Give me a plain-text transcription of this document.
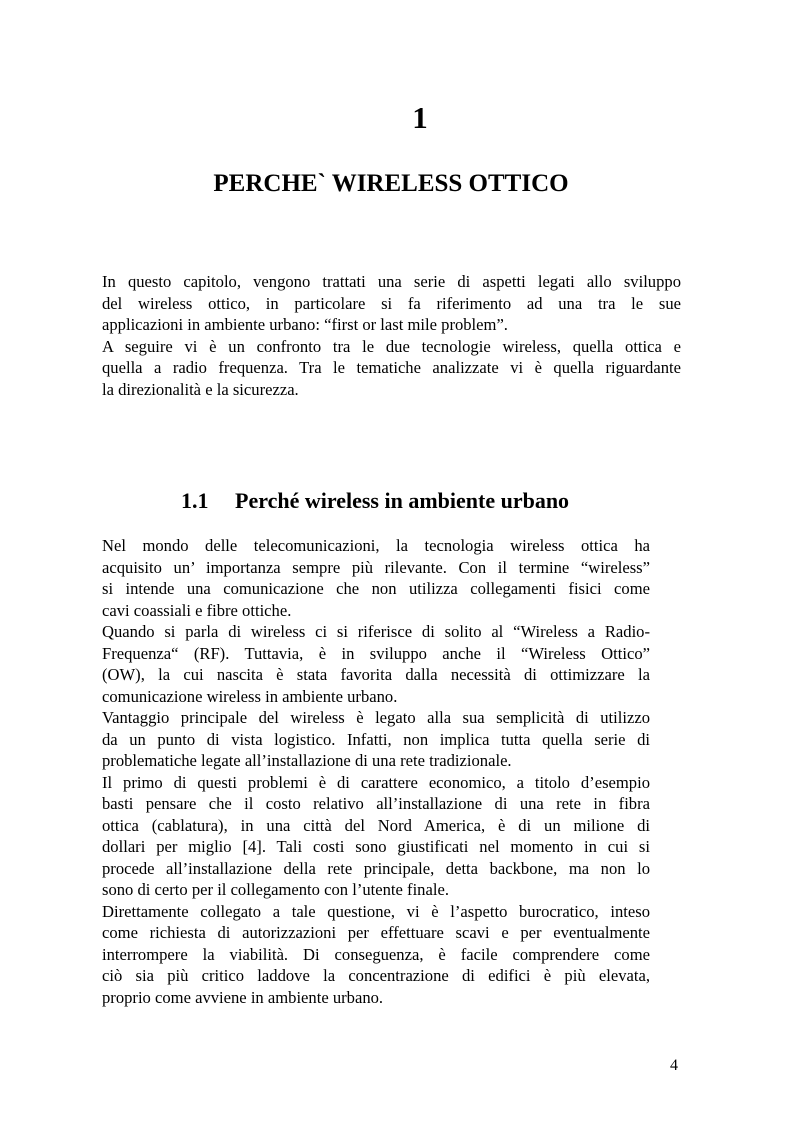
1
PERCHE` WIRELESS OTTICO
In questo capitolo, vengono trattati una serie di aspetti legati allo sviluppo
del wireless ottico, in particolare si fa riferimento ad una tra le sue
applicazioni in ambiente urbano: “first or last mile problem”.
A seguire vi è un confronto tra le due tecnologie wireless, quella ottica e
quella a radio frequenza. Tra le tematiche analizzate vi è quella riguardante
la direzionalità e la sicurezza.
1.1 Perché wireless in ambiente urbano
Nel mondo delle telecomunicazioni, la tecnologia wireless ottica ha
acquisito un’ importanza sempre più rilevante. Con il termine “wireless”
si intende una comunicazione che non utilizza collegamenti fisici come
cavi coassiali e fibre ottiche.
Quando si parla di wireless ci si riferisce di solito al “Wireless a Radio-
Frequenza“ (RF). Tuttavia, è in sviluppo anche il “Wireless Ottico”
(OW), la cui nascita è stata favorita dalla necessità di ottimizzare la
comunicazione wireless in ambiente urbano.
Vantaggio principale del wireless è legato alla sua semplicità di utilizzo
da un punto di vista logistico. Infatti, non implica tutta quella serie di
problematiche legate all’installazione di una rete tradizionale.
Il primo di questi problemi è di carattere economico, a titolo d’esempio
basti pensare che il costo relativo all’installazione di una rete in fibra
ottica (cablatura), in una città del Nord America, è di un milione di
dollari per miglio [4]. Tali costi sono giustificati nel momento in cui si
procede all’installazione della rete principale, detta backbone, ma non lo
sono di certo per il collegamento con l’utente finale.
Direttamente collegato a tale questione, vi è l’aspetto burocratico, inteso
come richiesta di autorizzazioni per effettuare scavi e per eventualmente
interrompere la viabilità. Di conseguenza, è facile comprendere come
ciò sia più critico laddove la concentrazione di edifici è più elevata,
proprio come avviene in ambiente urbano.
4
